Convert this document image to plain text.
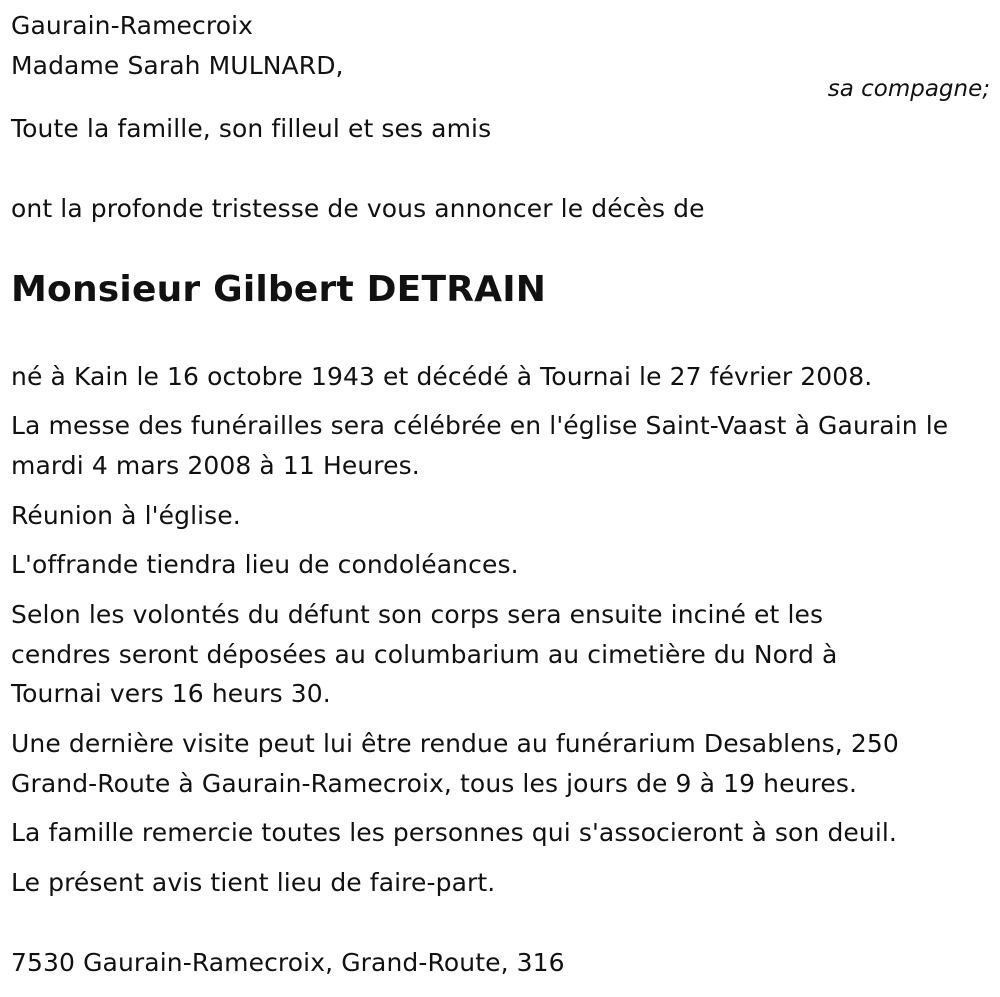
Gaurain-Ramecroix
Madame Sarah MULNARD,
sa compagne;
Toute la famille, son filleul et ses amis
ont la profonde tristesse de vous annoncer le décès de
Monsieur Gilbert DETRAIN
né à Kain le 16 octobre 1943 et décédé à Tournai le 27 février 2008.
La messe des funérailles sera célébrée en l'église Saint-Vaast à Gaurain le
mardi 4 mars 2008 à 11 Heures.
Réunion à l'église.
L'offrande tiendra lieu de condoléances.
Selon les volontés du défunt son corps sera ensuite inciné et les
cendres seront déposées au columbarium au cimetière du Nord à
Tournai vers 16 heurs 30.
Une dernière visite peut lui être rendue au funérarium Desablens, 250
Grand-Route à Gaurain-Ramecroix, tous les jours de 9 à 19 heures.
La famille remercie toutes les personnes qui s'associeront à son deuil.
Le présent avis tient lieu de faire-part.
7530 Gaurain-Ramecroix, Grand-Route, 316
